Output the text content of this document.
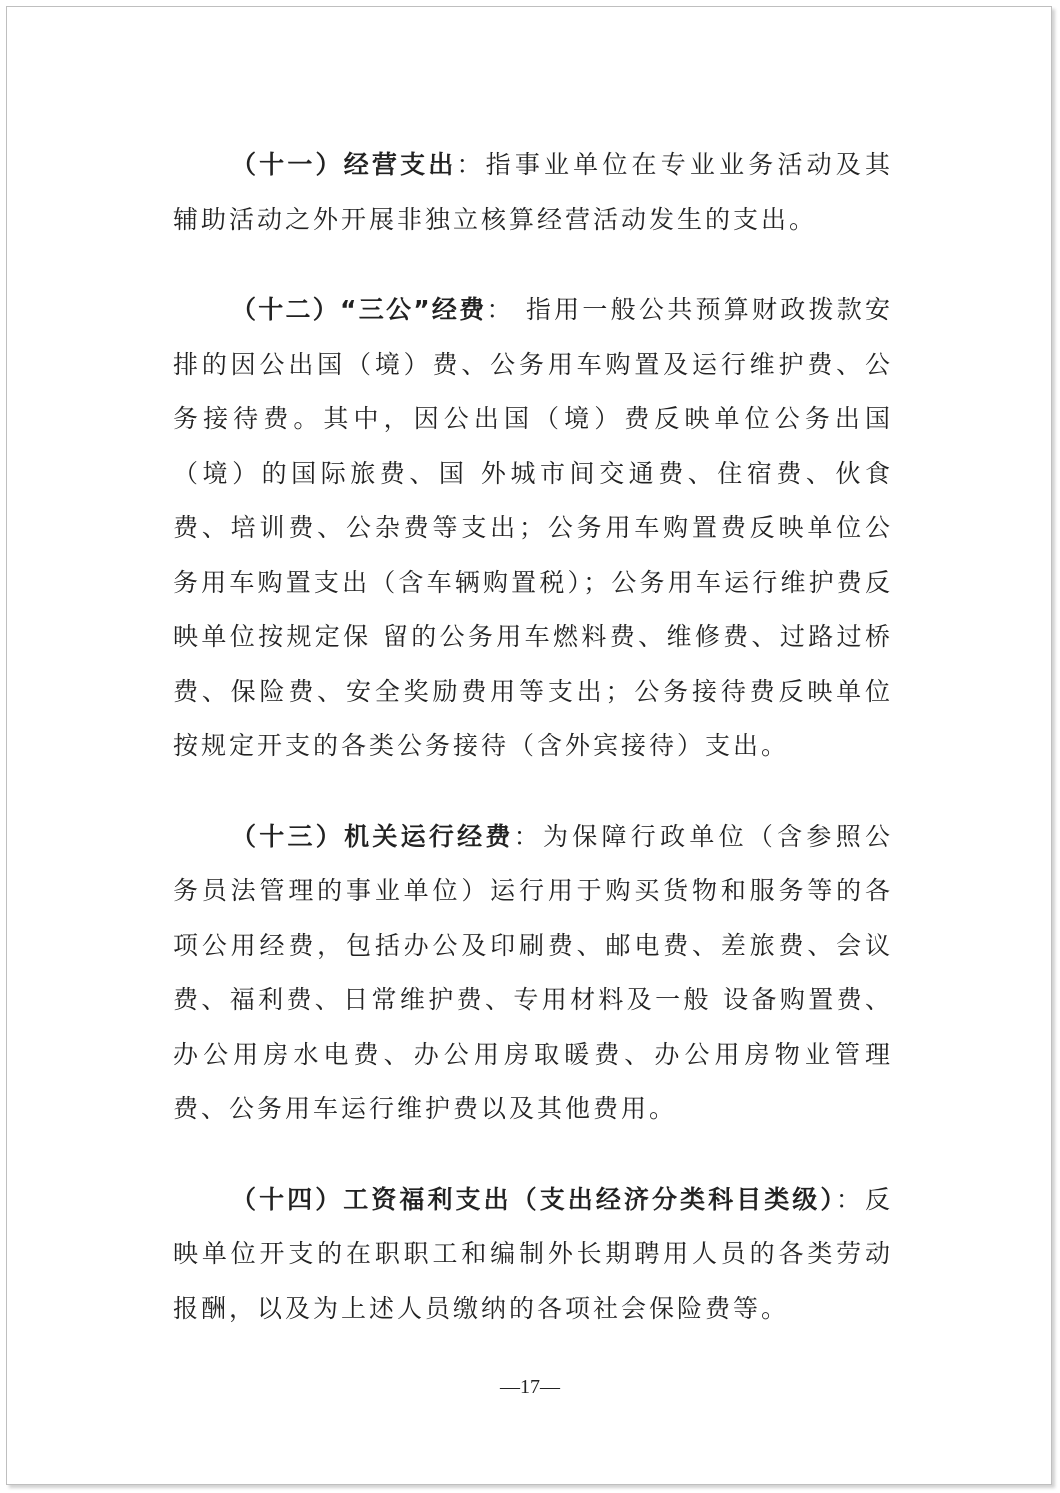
（十一）经营支出：指事业单位在专业业务活动及其辅助活动之外开展非独立核算经营活动发生的支出。

（十二）“三公”经费： 指用一般公共预算财政拨款安排的因公出国（境）费、公务用车购置及运行维护费、公务接待费。其中，因公出国（境）费反映单位公务出国（境）的国际旅费、国 外城市间交通费、住宿费、伙食费、培训费、公杂费等支出；公务用车购置费反映单位公务用车购置支出（含车辆购置税）；公务用车运行维护费反映单位按规定保 留的公务用车燃料费、维修费、过路过桥费、保险费、安全奖励费用等支出；公务接待费反映单位按规定开支的各类公务接待（含外宾接待）支出。

（十三）机关运行经费：为保障行政单位（含参照公务员法管理的事业单位）运行用于购买货物和服务等的各项公用经费，包括办公及印刷费、邮电费、差旅费、会议费、福利费、日常维护费、专用材料及一般 设备购置费、办公用房水电费、办公用房取暖费、办公用房物业管理费、公务用车运行维护费以及其他费用。

（十四）工资福利支出（支出经济分类科目类级）：反映单位开支的在职职工和编制外长期聘用人员的各类劳动报酬，以及为上述人员缴纳的各项社会保险费等。

—17—
